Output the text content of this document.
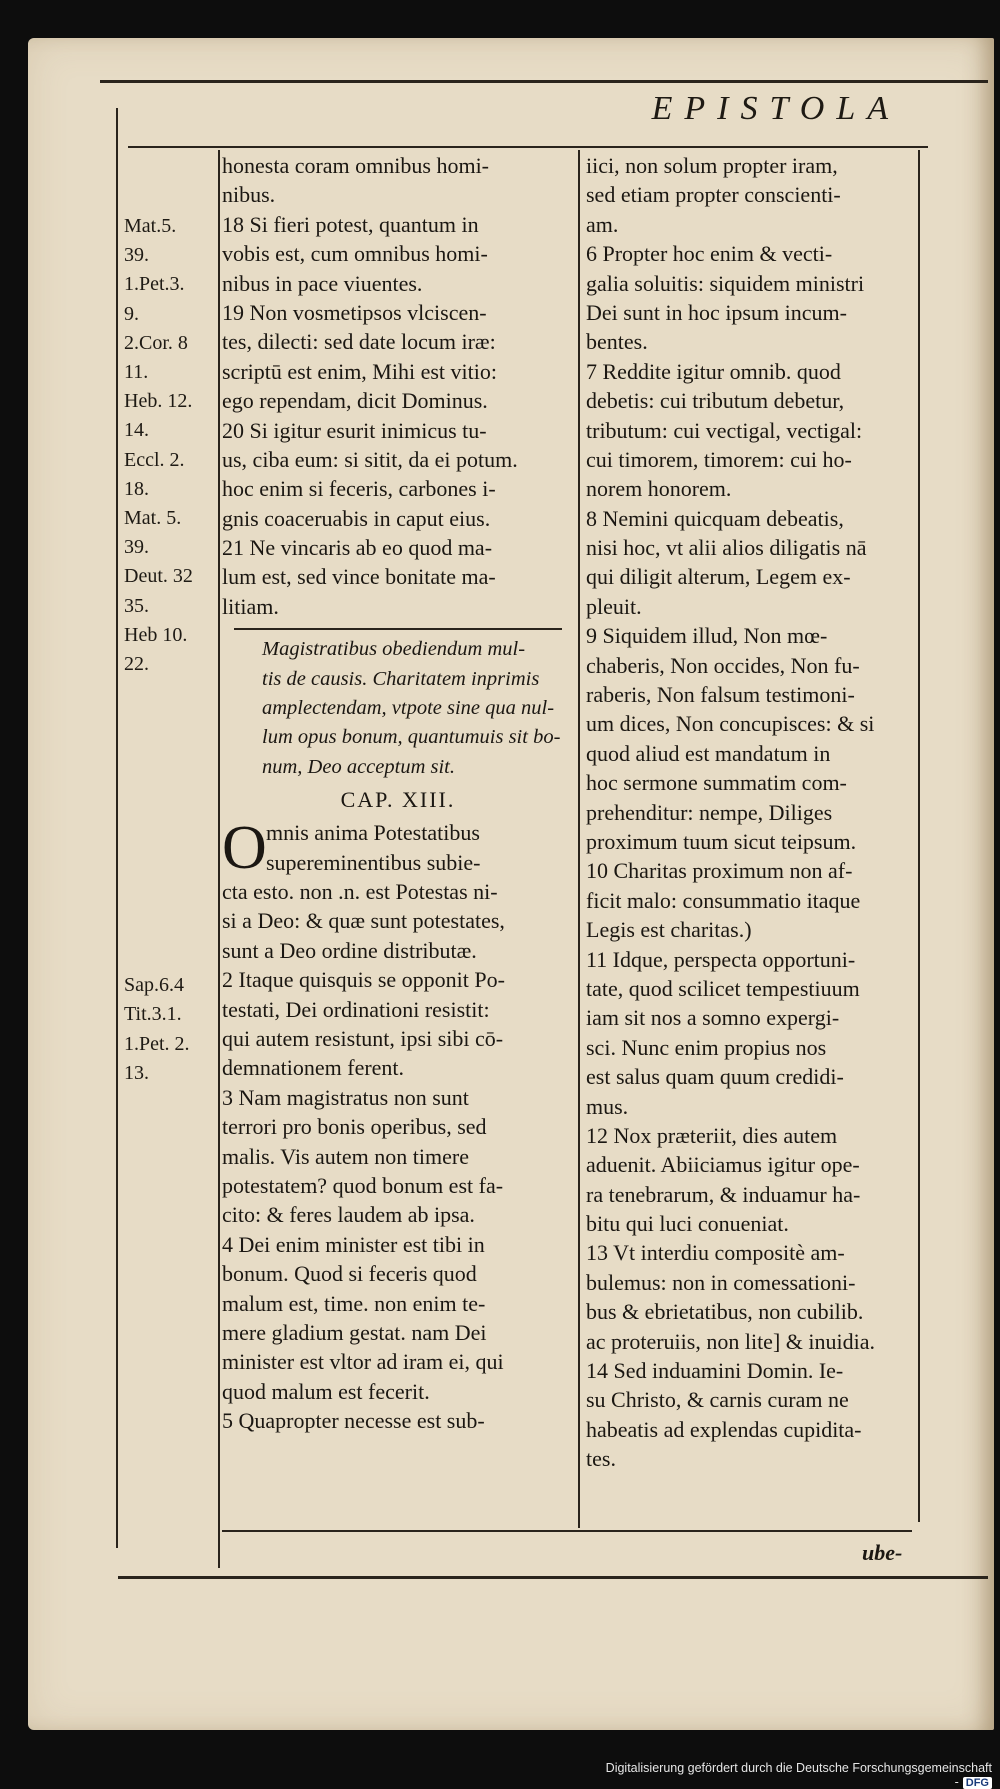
EPISTOLA
Mat.5.
39.
1.Pet.3.
9.
2.Cor. 8
11.
Heb. 12.
14.
Eccl. 2.
18.
Mat. 5.
39.
Deut. 32
35.
Heb 10.
22.
Sap.6.4
Tit.3.1.
1.Pet. 2.
13.
honesta coram omnibus homi-
nibus.
18 Si fieri potest, quantum in
vobis est, cum omnibus homi-
nibus in pace viuentes.
19 Non vosmetipsos vlciscen-
tes, dilecti: sed date locum iræ:
scriptū est enim, Mihi est vitio:
ego rependam, dicit Dominus.
20 Si igitur esurit inimicus tu-
us, ciba eum: si sitit, da ei potum.
hoc enim si feceris, carbones i-
gnis coaceruabis in caput eius.
21 Ne vincaris ab eo quod ma-
lum est, sed vince bonitate ma-
litiam.
Magistratibus obediendum mul-
tis de causis. Charitatem inprimis
amplectendam, vtpote sine qua nul-
lum opus bonum, quantumuis sit bo-
num, Deo acceptum sit.
CAP. XIII.
O mnis anima Potestatibus
supereminentibus subie-
cta esto. non .n. est Potestas ni-
si a Deo: & quæ sunt potestates,
sunt a Deo ordine distributæ.
2 Itaque quisquis se opponit Po-
testati, Dei ordinationi resistit:
qui autem resistunt, ipsi sibi cō-
demnationem ferent.
3 Nam magistratus non sunt
terrori pro bonis operibus, sed
malis. Vis autem non timere
potestatem? quod bonum est fa-
cito: & feres laudem ab ipsa.
4 Dei enim minister est tibi in
bonum. Quod si feceris quod
malum est, time. non enim te-
mere gladium gestat. nam Dei
minister est vltor ad iram ei, qui
quod malum est fecerit.
5 Quapropter necesse est sub-
iici, non solum propter iram,
sed etiam propter conscienti-
am.
6 Propter hoc enim & vecti-
galia soluitis: siquidem ministri
Dei sunt in hoc ipsum incum-
bentes.
7 Reddite igitur omnib. quod
debetis: cui tributum debetur,
tributum: cui vectigal, vectigal:
cui timorem, timorem: cui ho-
norem honorem.
8 Nemini quicquam debeatis,
nisi hoc, vt alii alios diligatis nā
qui diligit alterum, Legem ex-
pleuit.
9 Siquidem illud, Non mœ-
chaberis, Non occides, Non fu-
raberis, Non falsum testimoni-
um dices, Non concupisces: & si
quod aliud est mandatum in
hoc sermone summatim com-
prehenditur: nempe, Diliges
proximum tuum sicut teipsum.
10 Charitas proximum non af-
ficit malo: consummatio itaque
Legis est charitas.)
11 Idque, perspecta opportuni-
tate, quod scilicet tempestiuum
iam sit nos a somno expergi-
sci. Nunc enim propius nos
est salus quam quum credidi-
mus.
12 Nox præteriit, dies autem
aduenit. Abiiciamus igitur ope-
ra tenebrarum, & induamur ha-
bitu qui luci conueniat.
13 Vt interdiu compositè am-
bulemus: non in comessationi-
bus & ebrietatibus, non cubilib.
ac proteruiis, non lite] & inuidia.
14 Sed induamini Domin. Ie-
su Christo, & carnis curam ne
habeatis ad explendas cupidita-
tes.
ube-
Digitalisierung gefördert durch die Deutsche Forschungsgemeinschaft - DFG
